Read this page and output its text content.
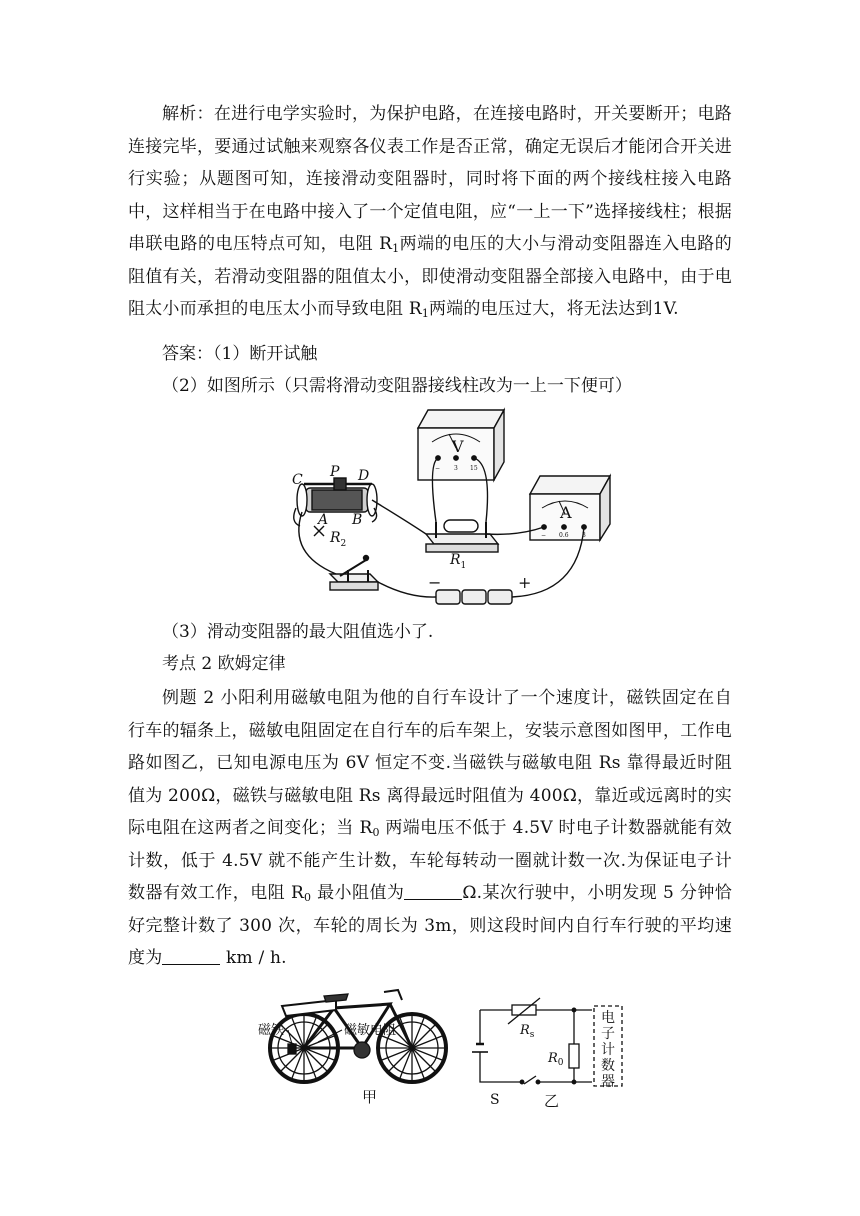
解析：在进行电学实验时，为保护电路，在连接电路时，开关要断开；电路连接完毕，要通过试触来观察各仪表工作是否正常，确定无误后才能闭合开关进行实验；从题图可知，连接滑动变阻器时，同时将下面的两个接线柱接入电路中，这样相当于在电路中接入了一个定值电阻，应“一上一下”选择接线柱；根据串联电路的电压特点可知，电阻 $R_1$两端的电压的大小与滑动变阻器连入电路的阻值有关，若滑动变阻器的阻值太小，即使滑动变阻器全部接入电路中，由于电阻太小而承担的电压太小而导致电阻 $R_1$两端的电压过大，将无法达到1V.
答案：（1）断开试触
（2）如图所示（只需将滑动变阻器接线柱改为一上一下便可）
C P D
A B
$R_2$
$R_1$
V
A
−	+
− 3 15
− 0.6 3
（3）滑动变阻器的最大阻值选小了.
考点 2 欧姆定律
例题 2 小阳利用磁敏电阻为他的自行车设计了一个速度计，磁铁固定在自行车的辐条上，磁敏电阻固定在自行车的后车架上，安装示意图如图甲，工作电路如图乙，已知电源电压为 6V 恒定不变.当磁铁与磁敏电阻 Rs 靠得最近时阻值为 200Ω，磁铁与磁敏电阻 Rs 离得最远时阻值为 400Ω，靠近或远离时的实际电阻在这两者之间变化；当 $R_0$ 两端电压不低于 4.5V 时电子计数器就能有效计数，低于 4.5V 就不能产生计数，车轮每转动一圈就计数一次.为保证电子计数器有效工作，电阻 $R_0$ 最小阻值为	Ω.某次行驶中，小明发现 5 分钟恰好完整计数了 300 次，车轮的周长为 3m，则这段时间内自行车行驶的平均速度为	km / h.
磁铁	磁敏电阻
甲
$R_s$
$R_0$
S	乙
电
子
计
数
器
